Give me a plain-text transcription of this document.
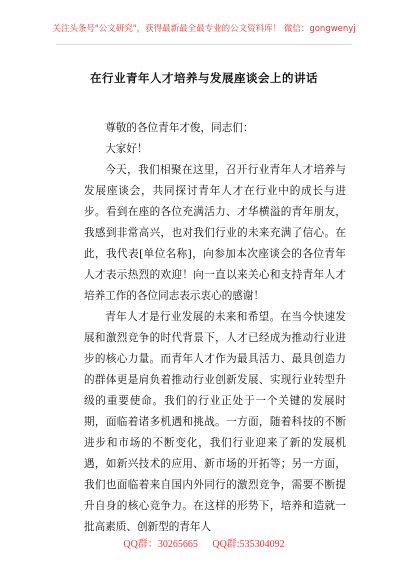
关注头条号"公文研究"，获得最新最全最专业的公文资料库！ 微信：gongwenyj
在行业青年人才培养与发展座谈会上的讲话

尊敬的各位青年才俊，同志们：

大家好！

今天，我们相聚在这里，召开行业青年人才培养与发展座谈会，共同探讨青年人才在行业中的成长与进步。看到在座的各位充满活力、才华横溢的青年朋友，我感到非常高兴，也对我们行业的未来充满了信心。在此，我代表[单位名称]，向参加本次座谈会的各位青年人才表示热烈的欢迎！向一直以来关心和支持青年人才培养工作的各位同志表示衷心的感谢！

青年人才是行业发展的未来和希望。在当今快速发展和激烈竞争的时代背景下，人才已经成为推动行业进步的核心力量。而青年人才作为最具活力、最具创造力的群体更是肩负着推动行业创新发展、实现行业转型升级的重要使命。我们的行业正处于一个关键的发展时期，面临着诸多机遇和挑战。一方面，随着科技的不断进步和市场的不断变化，我们行业迎来了新的发展机遇，如新兴技术的应用、新市场的开拓等；另一方面，我们也面临着来自国内外同行的激烈竞争，需要不断提升自身的核心竞争力。在这样的形势下，培养和造就一批高素质、创新型的青年人

QQ群：30265665 QQ群:535304092
